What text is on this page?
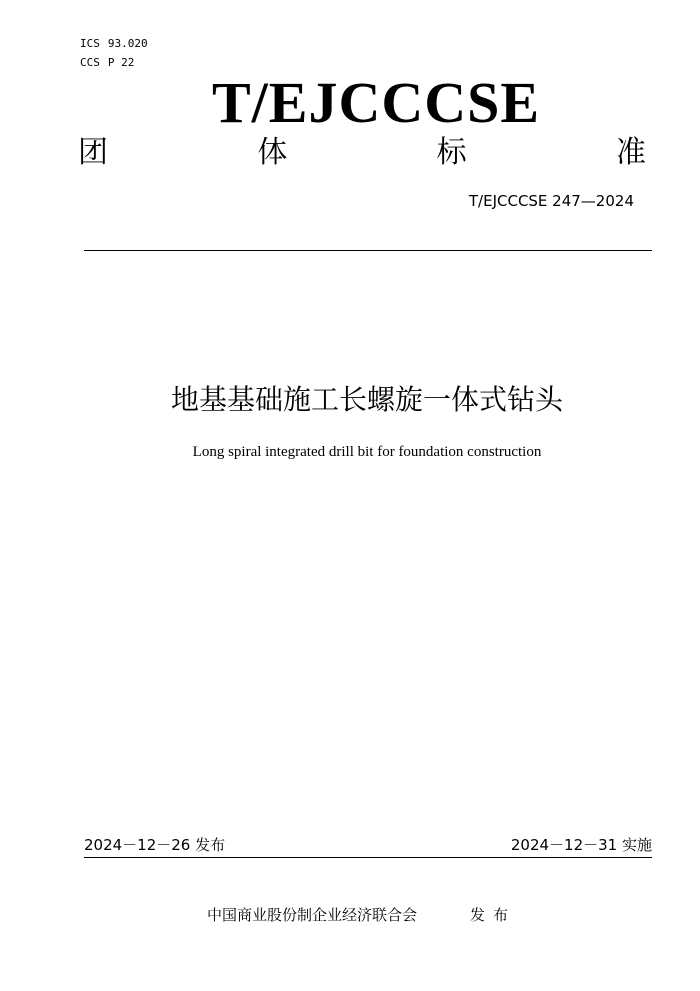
ICS 93.020
CCS P 22
T/EJCCCSE
团	体	标	准
T/EJCCCSE 247—2024
地基基础施工长螺旋一体式钻头
Long spiral integrated drill bit for foundation construction
2024－12－26 发布	2024－12－31 实施
中国商业股份制企业经济联合会	发布
